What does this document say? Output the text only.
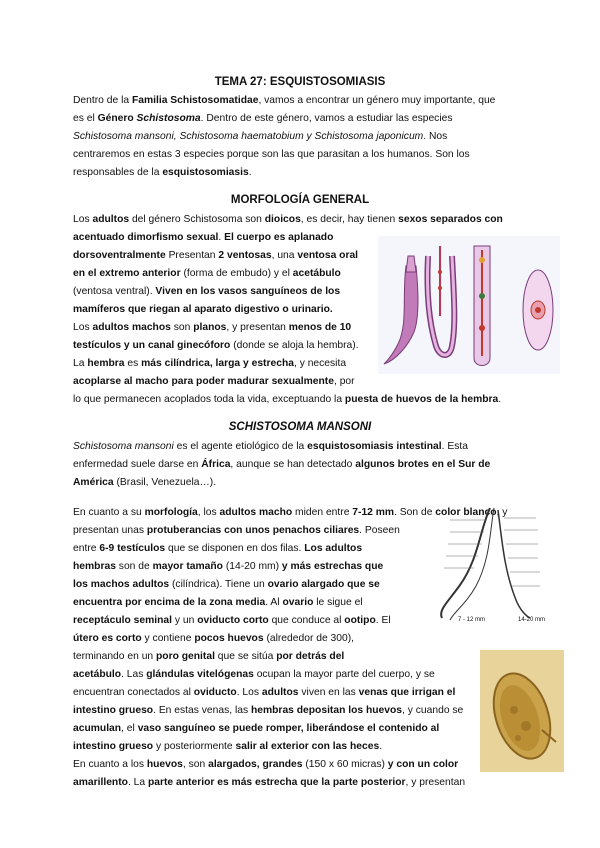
TEMA 27: ESQUISTOSOMIASIS
Dentro de la Familia Schistosomatidae, vamos a encontrar un género muy importante, que
es el Género Schistosoma. Dentro de este género, vamos a estudiar las especies
Schistosoma mansoni, Schistosoma haematobium y Schistosoma japonicum. Nos
centraremos en estas 3 especies porque son las que parasitan a los humanos. Son los
responsables de la esquistosomiasis.
MORFOLOGÍA GENERAL
Los adultos del género Schistosoma son dioicos, es decir, hay tienen sexos separados con
acentuado dimorfismo sexual. El cuerpo es aplanado
dorsoventralmente Presentan 2 ventosas, una ventosa oral
en el extremo anterior (forma de embudo) y el acetábulo
(ventosa ventral). Viven en los vasos sanguíneos de los
mamíferos que riegan al aparato digestivo o urinario.
Los adultos machos son planos, y presentan menos de 10
testículos y un canal ginecóforo (donde se aloja la hembra).
La hembra es más cilíndrica, larga y estrecha, y necesita
acoplarse al macho para poder madurar sexualmente, por
lo que permanecen acoplados toda la vida, exceptuando la puesta de huevos de la hembra.
SCHISTOSOMA MANSONI
Schistosoma mansoni es el agente etiológico de la esquistosomiasis intestinal. Esta
enfermedad suele darse en África, aunque se han detectado algunos brotes en el Sur de
América (Brasil, Venezuela…).
En cuanto a su morfología, los adultos macho miden entre 7-12 mm. Son de color blanco, y
presentan unas protuberancias con unos penachos ciliares. Poseen
entre 6-9 testículos que se disponen en dos filas. Los adultos
hembras son de mayor tamaño (14-20 mm) y más estrechas que
los machos adultos (cilíndrica). Tiene un ovario alargado que se
encuentra por encima de la zona media. Al ovario le sigue el
receptáculo seminal y un oviducto corto que conduce al ootipo. El
útero es corto y contiene pocos huevos (alrededor de 300),
terminando en un poro genital que se sitúa por detrás del
acetábulo. Las glándulas vitelógenas ocupan la mayor parte del cuerpo, y se
encuentran conectados al oviducto. Los adultos viven en las venas que irrigan el
intestino grueso. En estas venas, las hembras depositan los huevos, y cuando se
acumulan, el vaso sanguíneo se puede romper, liberándose el contenido al
intestino grueso y posteriormente salir al exterior con las heces.
En cuanto a los huevos, son alargados, grandes (150 x 60 micras) y con un color
amarillento. La parte anterior es más estrecha que la parte posterior, y presentan
7 - 12 mm	14-20 mm
